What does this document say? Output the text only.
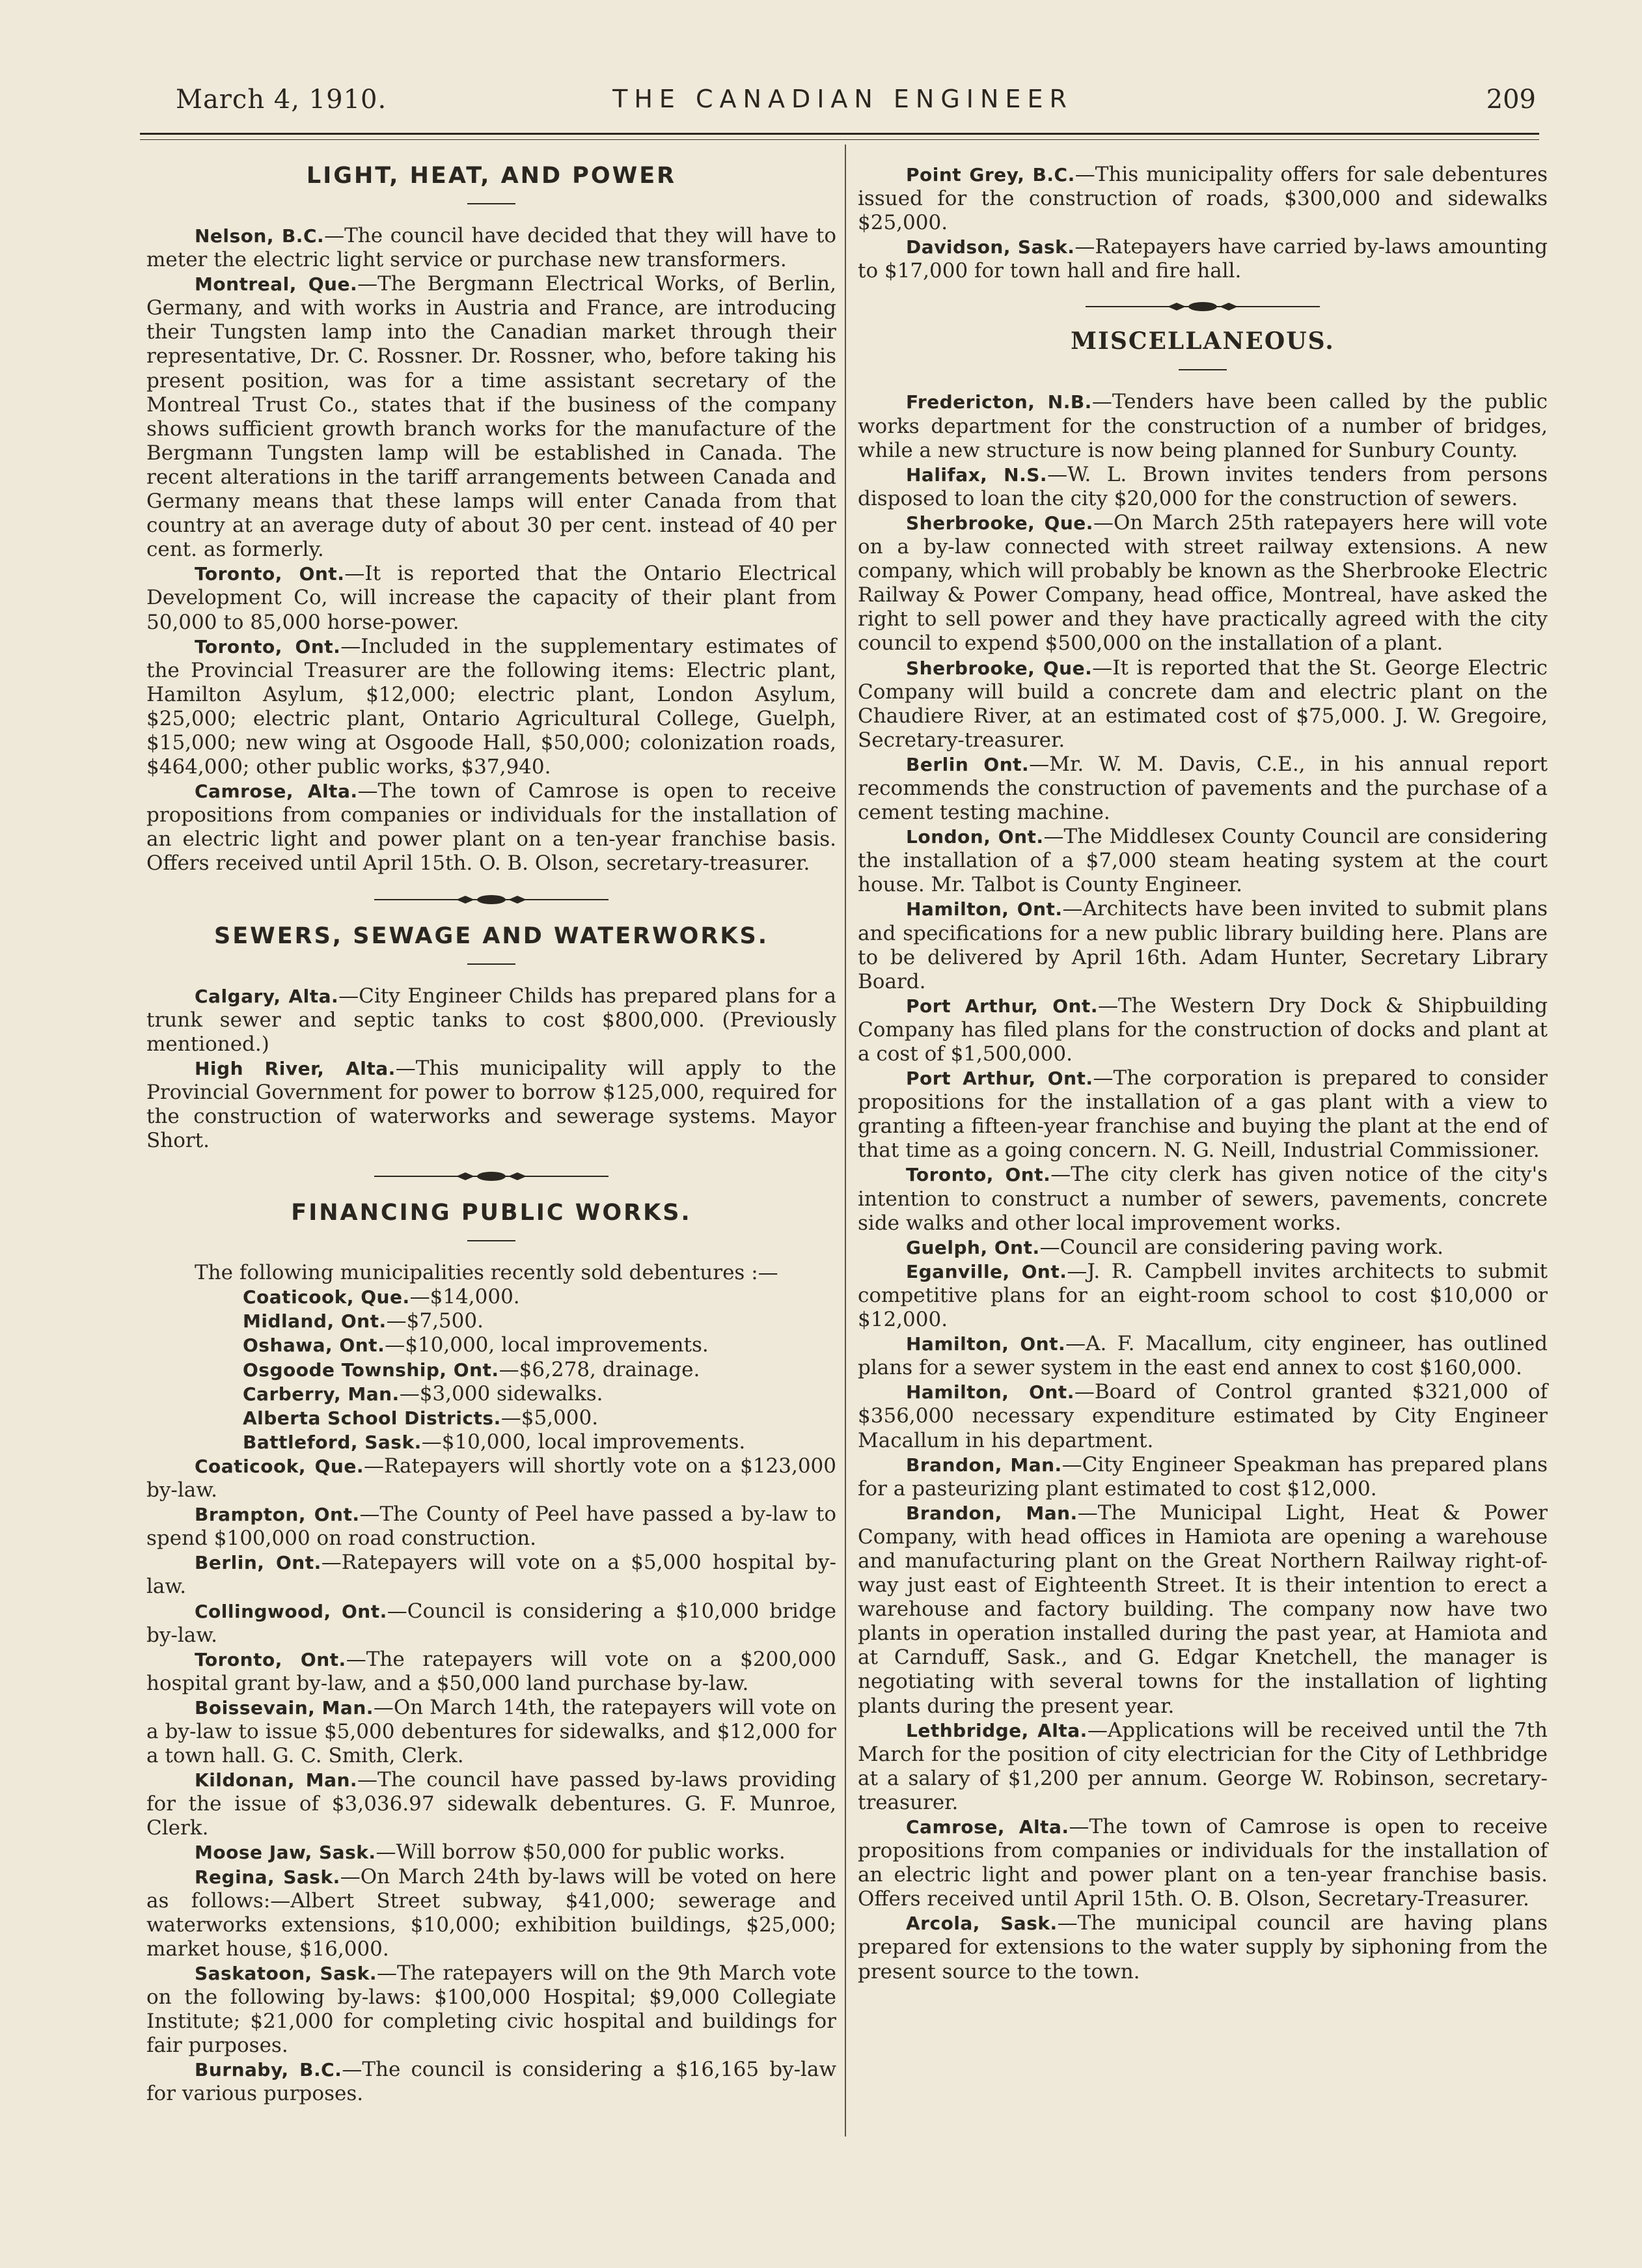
March 4, 1910.	THE CANADIAN ENGINEER	209
LIGHT, HEAT, AND POWER

Nelson, B.C.—The council have decided that they will have to meter the electric light service or purchase new transformers.

Montreal, Que.—The Bergmann Electrical Works, of Berlin, Germany, and with works in Austria and France, are introducing their Tungsten lamp into the Canadian market through their representative, Dr. C. Rossner. Dr. Rossner, who, before taking his present position, was for a time assistant secretary of the Montreal Trust Co., states that if the business of the company shows sufficient growth branch works for the manufacture of the Bergmann Tungsten lamp will be established in Canada. The recent alterations in the tariff arrangements between Canada and Germany means that these lamps will enter Canada from that country at an average duty of about 30 per cent. instead of 40 per cent. as formerly.

Toronto, Ont.—It is reported that the Ontario Electrical Development Co, will increase the capacity of their plant from 50,000 to 85,000 horse-power.

Toronto, Ont.—Included in the supplementary estimates of the Provincial Treasurer are the following items: Electric plant, Hamilton Asylum, $12,000; electric plant, London Asylum, $25,000; electric plant, Ontario Agricultural College, Guelph, $15,000; new wing at Osgoode Hall, $50,000; colonization roads, $464,000; other public works, $37,940.

Camrose, Alta.—The town of Camrose is open to receive propositions from companies or individuals for the installation of an electric light and power plant on a ten-year franchise basis. Offers received until April 15th. O. B. Olson, secretary-treasurer.

SEWERS, SEWAGE AND WATERWORKS.

Calgary, Alta.—City Engineer Childs has prepared plans for a trunk sewer and septic tanks to cost $800,000. (Previously mentioned.)

High River, Alta.—This municipality will apply to the Provincial Government for power to borrow $125,000, required for the construction of waterworks and sewerage systems. Mayor Short.

FINANCING PUBLIC WORKS.

The following municipalities recently sold debentures :—

Coaticook, Que.—$14,000.

Midland, Ont.—$7,500.

Oshawa, Ont.—$10,000, local improvements.

Osgoode Township, Ont.—$6,278, drainage.

Carberry, Man.—$3,000 sidewalks.

Alberta School Districts.—$5,000.

Battleford, Sask.—$10,000, local improvements.

Coaticook, Que.—Ratepayers will shortly vote on a $123,000 by-law.

Brampton, Ont.—The County of Peel have passed a by-law to spend $100,000 on road construction.

Berlin, Ont.—Ratepayers will vote on a $5,000 hospital by-law.

Collingwood, Ont.—Council is considering a $10,000 bridge by-law.

Toronto, Ont.—The ratepayers will vote on a $200,000 hospital grant by-law, and a $50,000 land purchase by-law.

Boissevain, Man.—On March 14th, the ratepayers will vote on a by-law to issue $5,000 debentures for sidewalks, and $12,000 for a town hall. G. C. Smith, Clerk.

Kildonan, Man.—The council have passed by-laws providing for the issue of $3,036.97 sidewalk debentures. G. F. Munroe, Clerk.

Moose Jaw, Sask.—Will borrow $50,000 for public works.

Regina, Sask.—On March 24th by-laws will be voted on here as follows:—Albert Street subway, $41,000; sewerage and waterworks extensions, $10,000; exhibition buildings, $25,000; market house, $16,000.

Saskatoon, Sask.—The ratepayers will on the 9th March vote on the following by-laws: $100,000 Hospital; $9,000 Collegiate Institute; $21,000 for completing civic hospital and buildings for fair purposes.

Burnaby, B.C.—The council is considering a $16,165 by-law for various purposes.

Point Grey, B.C.—This municipality offers for sale debentures issued for the construction of roads, $300,000 and sidewalks $25,000.

Davidson, Sask.—Ratepayers have carried by-laws amounting to $17,000 for town hall and fire hall.

MISCELLANEOUS.

Fredericton, N.B.—Tenders have been called by the public works department for the construction of a number of bridges, while a new structure is now being planned for Sunbury County.

Halifax, N.S.—W. L. Brown invites tenders from persons disposed to loan the city $20,000 for the construction of sewers.

Sherbrooke, Que.—On March 25th ratepayers here will vote on a by-law connected with street railway extensions. A new company, which will probably be known as the Sherbrooke Electric Railway & Power Company, head office, Montreal, have asked the right to sell power and they have practically agreed with the city council to expend $500,000 on the installation of a plant.

Sherbrooke, Que.—It is reported that the St. George Electric Company will build a concrete dam and electric plant on the Chaudiere River, at an estimated cost of $75,000. J. W. Gregoire, Secretary-treasurer.

Berlin Ont.—Mr. W. M. Davis, C.E., in his annual report recommends the construction of pavements and the purchase of a cement testing machine.

London, Ont.—The Middlesex County Council are considering the installation of a $7,000 steam heating system at the court house. Mr. Talbot is County Engineer.

Hamilton, Ont.—Architects have been invited to submit plans and specifications for a new public library building here. Plans are to be delivered by April 16th. Adam Hunter, Secretary Library Board.

Port Arthur, Ont.—The Western Dry Dock & Shipbuilding Company has filed plans for the construction of docks and plant at a cost of $1,500,000.

Port Arthur, Ont.—The corporation is prepared to consider propositions for the installation of a gas plant with a view to granting a fifteen-year franchise and buying the plant at the end of that time as a going concern. N. G. Neill, Industrial Commissioner.

Toronto, Ont.—The city clerk has given notice of the city's intention to construct a number of sewers, pavements, concrete side walks and other local improvement works.

Guelph, Ont.—Council are considering paving work.

Eganville, Ont.—J. R. Campbell invites architects to submit competitive plans for an eight-room school to cost $10,000 or $12,000.

Hamilton, Ont.—A. F. Macallum, city engineer, has outlined plans for a sewer system in the east end annex to cost $160,000.

Hamilton, Ont.—Board of Control granted $321,000 of $356,000 necessary expenditure estimated by City Engineer Macallum in his department.

Brandon, Man.—City Engineer Speakman has prepared plans for a pasteurizing plant estimated to cost $12,000.

Brandon, Man.—The Municipal Light, Heat & Power Company, with head offices in Hamiota are opening a warehouse and manufacturing plant on the Great Northern Railway right-of-way just east of Eighteenth Street. It is their intention to erect a warehouse and factory building. The company now have two plants in operation installed during the past year, at Hamiota and at Carnduff, Sask., and G. Edgar Knetchell, the manager is negotiating with several towns for the installation of lighting plants during the present year.

Lethbridge, Alta.—Applications will be received until the 7th March for the position of city electrician for the City of Lethbridge at a salary of $1,200 per annum. George W. Robinson, secretary-treasurer.

Camrose, Alta.—The town of Camrose is open to receive propositions from companies or individuals for the installation of an electric light and power plant on a ten-year franchise basis. Offers received until April 15th. O. B. Olson, Secretary-Treasurer.

Arcola, Sask.—The municipal council are having plans prepared for extensions to the water supply by siphoning from the present source to the town.
